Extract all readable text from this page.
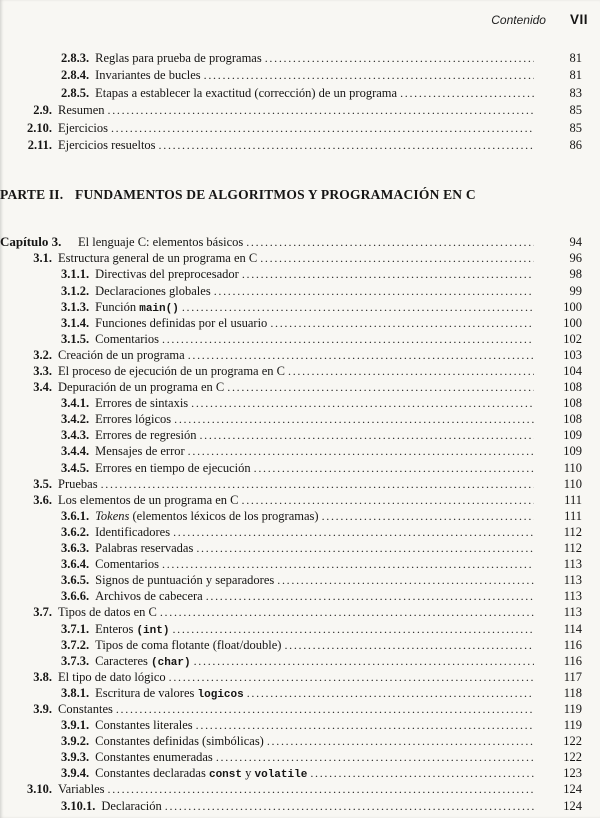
Contenido VII
2.8.3. Reglas para prueba de programas .....	81
2.8.4. Invariantes de bucles .....	81
2.8.5. Etapas a establecer la exactitud (corrección) de un programa .....	83
2.9. Resumen .....	85
2.10. Ejercicios .....	85
2.11. Ejercicios resueltos .....	86
PARTE II. FUNDAMENTOS DE ALGORITMOS Y PROGRAMACIÓN EN C
Capítulo 3.	El lenguaje C: elementos básicos .....	94
3.1. Estructura general de un programa en C .....	96
3.1.1. Directivas del preprocesador .....	98
3.1.2. Declaraciones globales .....	99
3.1.3. Función main() .....	100
3.1.4. Funciones definidas por el usuario .....	100
3.1.5. Comentarios .....	102
3.2. Creación de un programa .....	103
3.3. El proceso de ejecución de un programa en C .....	104
3.4. Depuración de un programa en C .....	108
3.4.1. Errores de sintaxis .....	108
3.4.2. Errores lógicos .....	108
3.4.3. Errores de regresión .....	109
3.4.4. Mensajes de error .....	109
3.4.5. Errores en tiempo de ejecución .....	110
3.5. Pruebas .....	110
3.6. Los elementos de un programa en C .....	111
3.6.1. Tokens (elementos léxicos de los programas) .....	111
3.6.2. Identificadores .....	112
3.6.3. Palabras reservadas .....	112
3.6.4. Comentarios .....	113
3.6.5. Signos de puntuación y separadores .....	113
3.6.6. Archivos de cabecera .....	113
3.7. Tipos de datos en C .....	113
3.7.1. Enteros (int) .....	114
3.7.2. Tipos de coma flotante (float/double) .....	116
3.7.3. Caracteres (char) .....	116
3.8. El tipo de dato lógico .....	117
3.8.1. Escritura de valores logicos .....	118
3.9. Constantes .....	119
3.9.1. Constantes literales .....	119
3.9.2. Constantes definidas (simbólicas) .....	122
3.9.3. Constantes enumeradas .....	122
3.9.4. Constantes declaradas const y volatile .....	123
3.10. Variables .....	124
3.10.1. Declaración .....	124
